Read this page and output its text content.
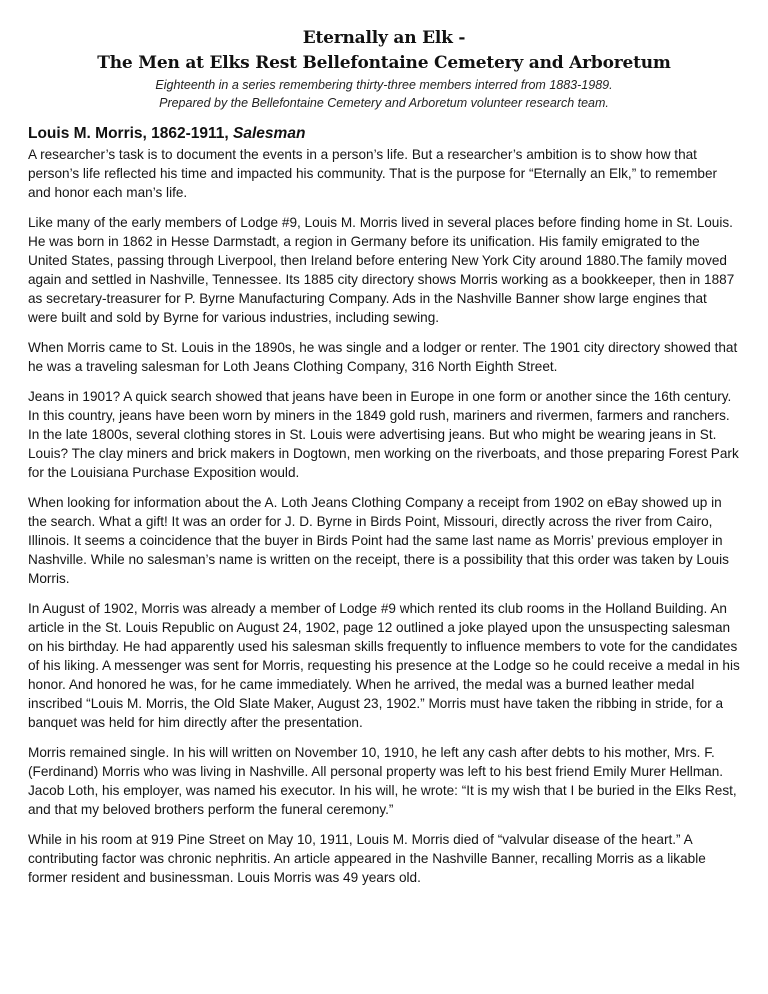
Eternally an Elk -

The Men at Elks Rest Bellefontaine Cemetery and Arboretum

Eighteenth in a series remembering thirty-three members interred from 1883-1989.

Prepared by the Bellefontaine Cemetery and Arboretum volunteer research team.

Louis M. Morris, 1862-1911, Salesman

A researcher’s task is to document the events in a person’s life. But a researcher’s ambition is to show how that person’s life reflected his time and impacted his community. That is the purpose for “Eternally an Elk,” to remember and honor each man’s life.

Like many of the early members of Lodge #9, Louis M. Morris lived in several places before finding home in St. Louis. He was born in 1862 in Hesse Darmstadt, a region in Germany before its unification. His family emigrated to the United States, passing through Liverpool, then Ireland before entering New York City around 1880.The family moved again and settled in Nashville, Tennessee. Its 1885 city directory shows Morris working as a bookkeeper, then in 1887 as secretary-treasurer for P. Byrne Manufacturing Company. Ads in the Nashville Banner show large engines that were built and sold by Byrne for various industries, including sewing.

When Morris came to St. Louis in the 1890s, he was single and a lodger or renter. The 1901 city directory showed that he was a traveling salesman for Loth Jeans Clothing Company, 316 North Eighth Street.

Jeans in 1901? A quick search showed that jeans have been in Europe in one form or another since the 16th century. In this country, jeans have been worn by miners in the 1849 gold rush, mariners and rivermen, farmers and ranchers. In the late 1800s, several clothing stores in St. Louis were advertising jeans. But who might be wearing jeans in St. Louis? The clay miners and brick makers in Dogtown, men working on the riverboats, and those preparing Forest Park for the Louisiana Purchase Exposition would.

When looking for information about the A. Loth Jeans Clothing Company a receipt from 1902 on eBay showed up in the search. What a gift! It was an order for J. D. Byrne in Birds Point, Missouri, directly across the river from Cairo, Illinois. It seems a coincidence that the buyer in Birds Point had the same last name as Morris’ previous employer in Nashville. While no salesman’s name is written on the receipt, there is a possibility that this order was taken by Louis Morris.

In August of 1902, Morris was already a member of Lodge #9 which rented its club rooms in the Holland Building. An article in the St. Louis Republic on August 24, 1902, page 12 outlined a joke played upon the unsuspecting salesman on his birthday. He had apparently used his salesman skills frequently to influence members to vote for the candidates of his liking. A messenger was sent for Morris, requesting his presence at the Lodge so he could receive a medal in his honor. And honored he was, for he came immediately. When he arrived, the medal was a burned leather medal inscribed “Louis M. Morris, the Old Slate Maker, August 23, 1902.” Morris must have taken the ribbing in stride, for a banquet was held for him directly after the presentation.

Morris remained single. In his will written on November 10, 1910, he left any cash after debts to his mother, Mrs. F. (Ferdinand) Morris who was living in Nashville. All personal property was left to his best friend Emily Murer Hellman. Jacob Loth, his employer, was named his executor. In his will, he wrote: “It is my wish that I be buried in the Elks Rest, and that my beloved brothers perform the funeral ceremony.”

While in his room at 919 Pine Street on May 10, 1911, Louis M. Morris died of “valvular disease of the heart.” A contributing factor was chronic nephritis. An article appeared in the Nashville Banner, recalling Morris as a likable former resident and businessman. Louis Morris was 49 years old.
